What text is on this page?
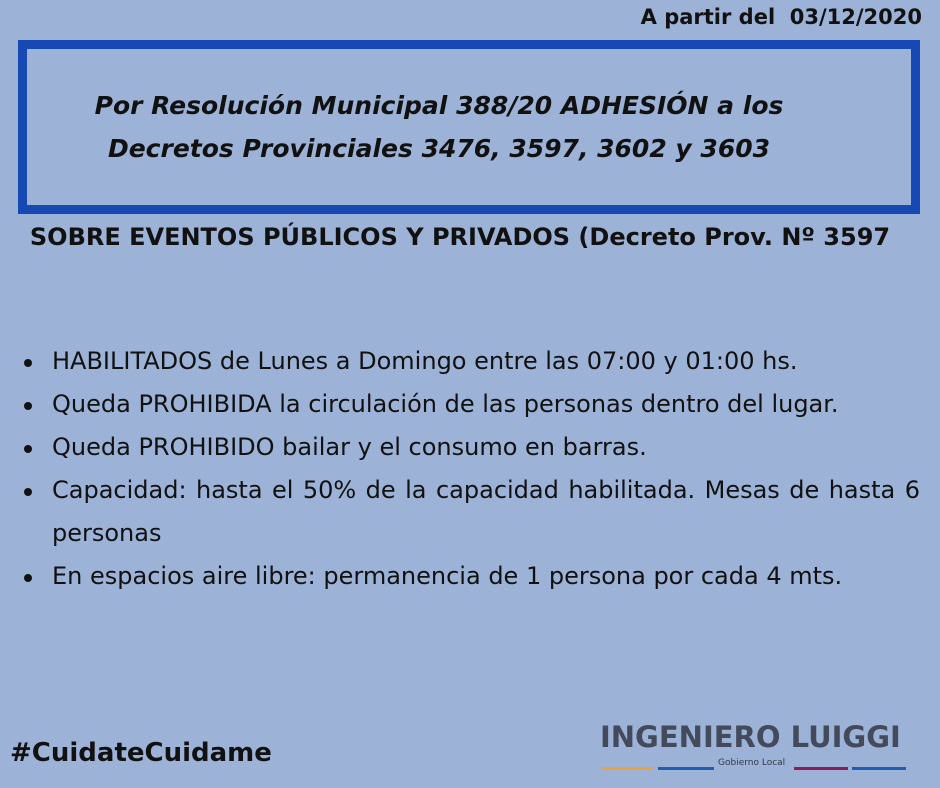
A partir del  03/12/2020
Por Resolución Municipal 388/20 ADHESIÓN a los Decretos Provinciales 3476, 3597, 3602 y 3603
SOBRE EVENTOS PÚBLICOS Y PRIVADOS (Decreto Prov. Nº 3597
HABILITADOS de Lunes a Domingo entre las 07:00 y 01:00 hs.
Queda PROHIBIDA la circulación de las personas dentro del lugar.
Queda PROHIBIDO bailar y el consumo en barras.
Capacidad: hasta el 50% de la capacidad habilitada. Mesas de hasta 6 personas
En espacios aire libre: permanencia de 1 persona por cada 4 mts.
#CuidateCuidame	INGENIERO LUIGGI
Gobierno Local
